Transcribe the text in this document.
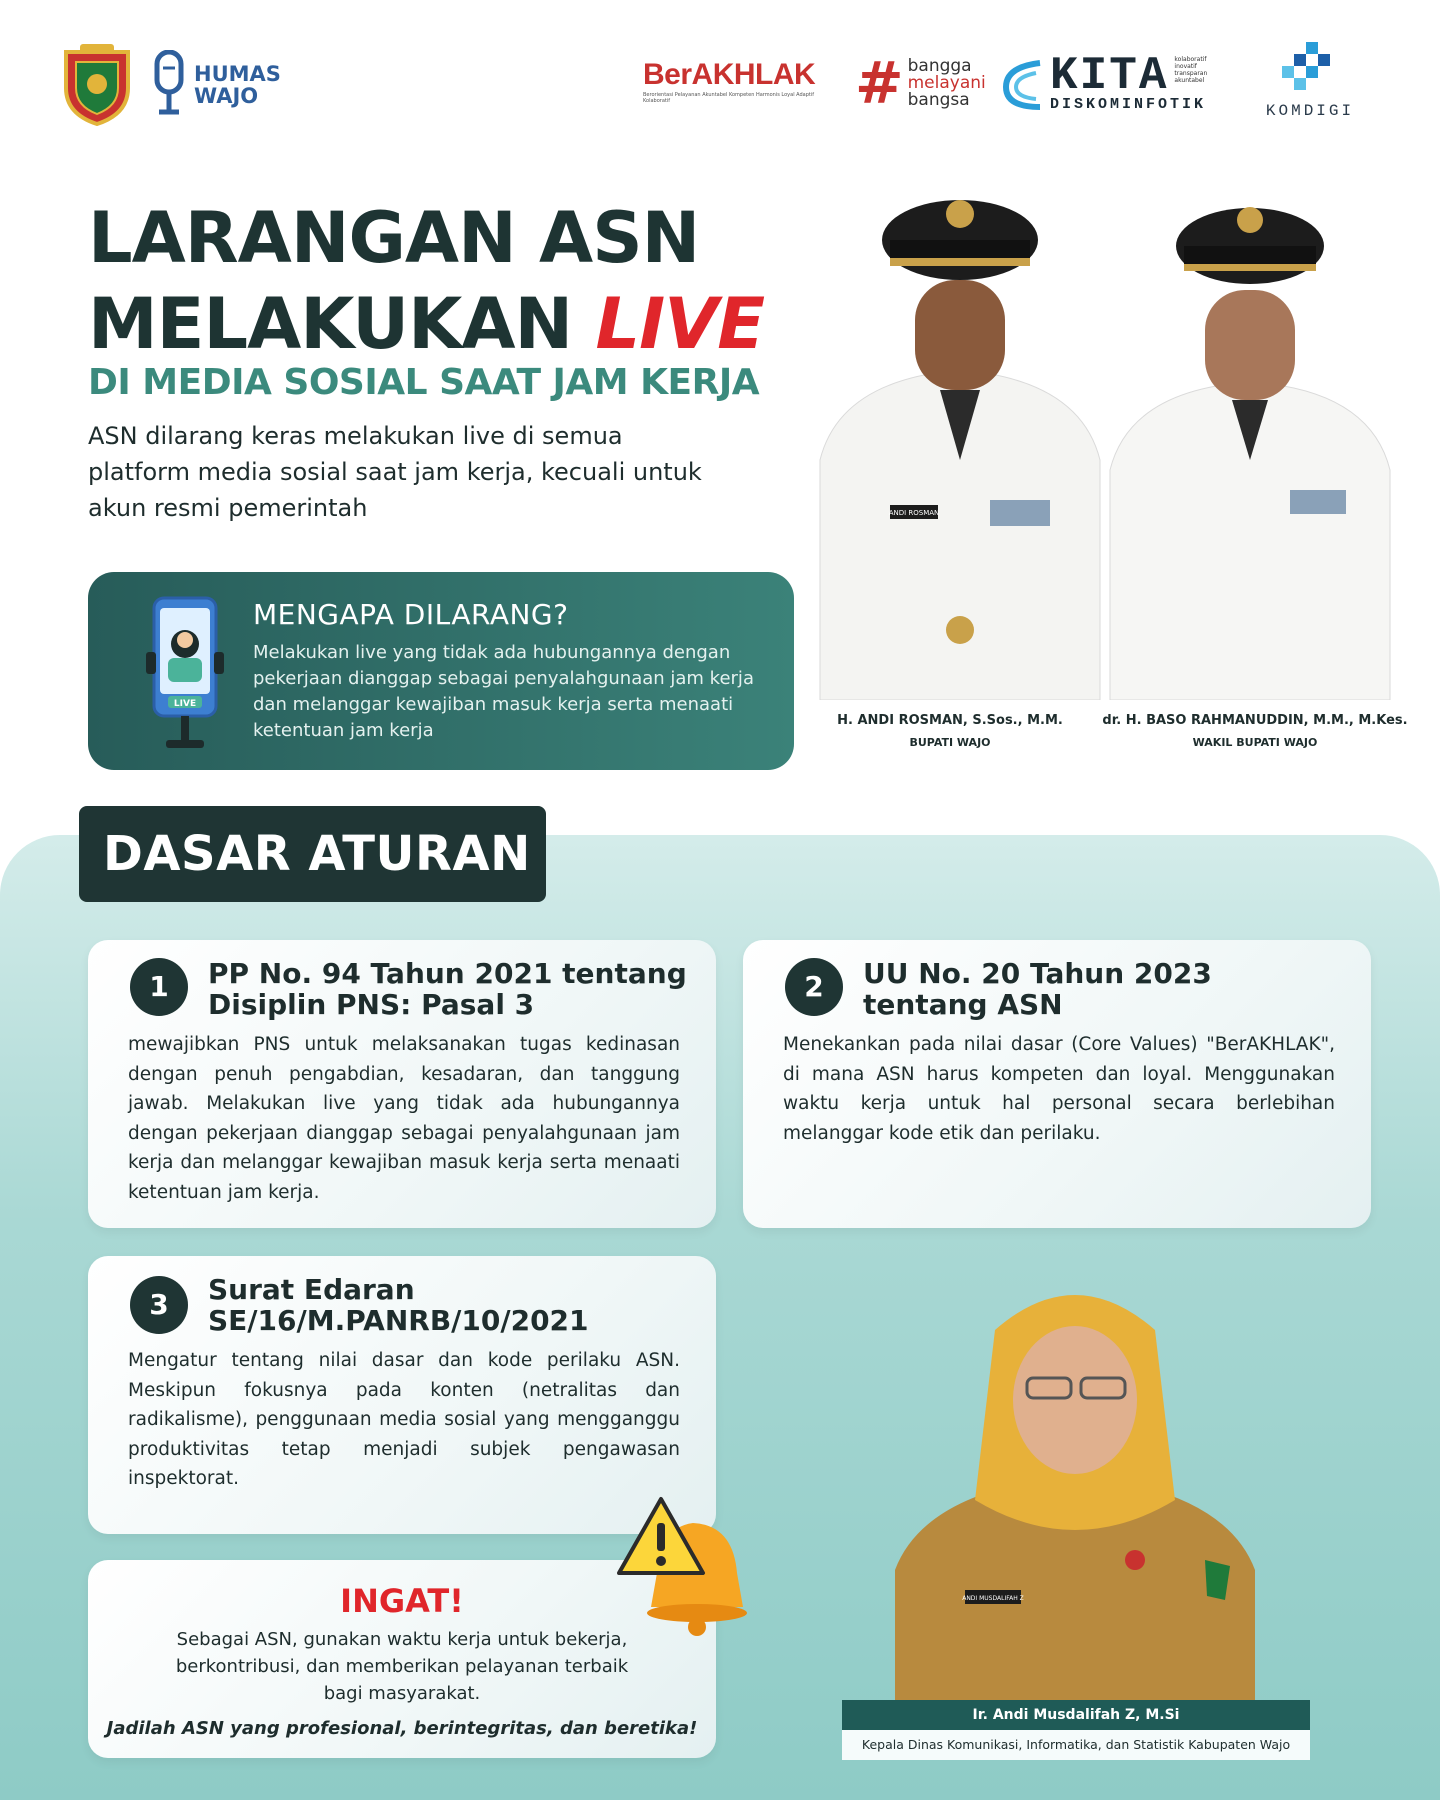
HUMAS
WAJO
BerAKHLAK
Berorientasi Pelayanan Akuntabel Kompeten Harmonis Loyal Adaptif Kolaboratif	# bangga
melayani
bangsa	KITA kolaboratif
inovatif
transparan
akuntabel
DISKOMINFOTIK	KOMDIGI
LARANGAN ASN
MELAKUKAN LIVE
DI MEDIA SOSIAL SAAT JAM KERJA
ASN dilarang keras melakukan live di semua platform media sosial saat jam kerja, kecuali untuk akun resmi pemerintah
LIVE
MENGAPA DILARANG?
Melakukan live yang tidak ada hubungannya dengan pekerjaan dianggap sebagai penyalahgunaan jam kerja dan melanggar kewajiban masuk kerja serta menaati ketentuan jam kerja
ANDI ROSMAN
H. ANDI ROSMAN, S.Sos., M.M.
BUPATI WAJO
dr. H. BASO RAHMANUDDIN, M.M., M.Kes.
WAKIL BUPATI WAJO
DASAR ATURAN
1	PP No. 94 Tahun 2021 tentang
Disiplin PNS: Pasal 3
mewajibkan PNS untuk melaksanakan tugas kedinasan dengan penuh pengabdian, kesadaran, dan tanggung jawab. Melakukan live yang tidak ada hubungannya dengan pekerjaan dianggap sebagai penyalahgunaan jam kerja dan melanggar kewajiban masuk kerja serta menaati ketentuan jam kerja.
2	UU No. 20 Tahun 2023
tentang ASN
Menekankan pada nilai dasar (Core Values) "BerAKHLAK", di mana ASN harus kompeten dan loyal. Menggunakan waktu kerja untuk hal personal secara berlebihan melanggar kode etik dan perilaku.
3	Surat Edaran
SE/16/M.PANRB/10/2021
Mengatur tentang nilai dasar dan kode perilaku ASN. Meskipun fokusnya pada konten (netralitas dan radikalisme), penggunaan media sosial yang mengganggu produktivitas tetap menjadi subjek pengawasan inspektorat.
INGAT!
Sebagai ASN, gunakan waktu kerja untuk bekerja, berkontribusi, dan memberikan pelayanan terbaik bagi masyarakat.
Jadilah ASN yang profesional, berintegritas, dan beretika!
ANDI MUSDALIFAH Z
Ir. Andi Musdalifah Z, M.Si
Kepala Dinas Komunikasi, Informatika, dan Statistik Kabupaten Wajo
